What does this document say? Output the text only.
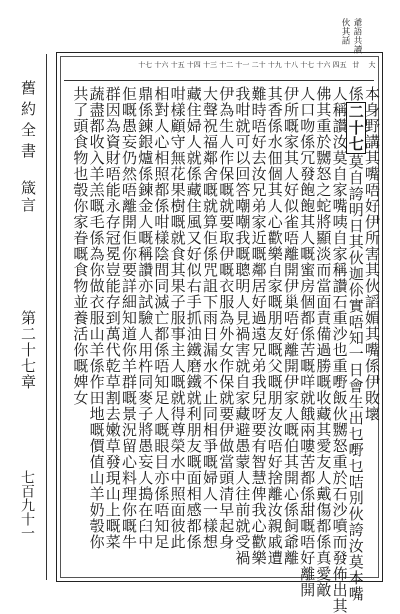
舊約全書
箴言
第二十七章
七百九十一
爺語共讀
伙其話
本身野講其嘴唔好伊所害其伙謟媚其嘴係伊敗壞
係二十七莫自誇明日其伙迦伱實唔知一日會生出乜嘢乜咭別伙誇汝莫本嘴
人稱讚汝莫自家嘴咦自家稱讚石重沙也重嘢飯伙嬲怒重於石沙噴而發佈出其
佛其重於嬲怒之蛇將顯淡而當面責備過勝嘅收藏其愛友人戴傷都係真愛敵
人口吻係冗發飽飽其人嘅蜜房個都係苦嘅咩就餓兩嘍苦都係甜嘅唔好離開
伊所嘅家其人好似雀唔離開伊巢唔好離開伊家人嘅伯其開心係飼爺離
其香係水佃個其人心歡樂自家嘅朋友嘅父嘅朋友汝唔好捨離汝親戚遭
難時唔好去汝兄弟家近嘅鄰居好過遠兄弟我兒呀要有智慧俾我心歡樂
我咁就可以回答嘲嘲我嘅聰明人見禍害就自家藏避愚蒙人往前就受禍
伊為生人作保嘅就要取伊嘅衣服為外女作保就要伊做當頭清早起身
大聲祝福鄰舍嘅就算佢係咒詛下雨日漏水不止同相爭嘅婦人一樣想
藏住婦人就係藏住風又好似右手抓油鐵磨鐵就利朋友嘅面相感都係
咁樣顧守無花果樹嘅就食其果子服事主人嘅就得尊榮水中照面彼此
相對人心相照都係咁樣陰間同滅亡都係唔知足人嘅眼目亦係唔知足
鼎係鍊銀爐係鍊金人嘅稱讚亦試驗人用杵同麥子將愚妄人搗在臼中
佢嘅愚妄仍然唔離開佢你要詳細知道你羊群嘅景況留心料理你嘅牛
群因為資財唔能永存冠冕豈能存到萬代乾草割去嫩草發現山上嘅菜
蔬盡都收入羊羔嘅毛係為你做衣服山羊係作田地嘅價值山羊奶彀你
共了頭食物也彀你家眷嘅食物並養活你嘅婢女
大
廿
四五
十六
十七
十八
十九
二十
十一
十二
十三
十四
十五
十六
十七
